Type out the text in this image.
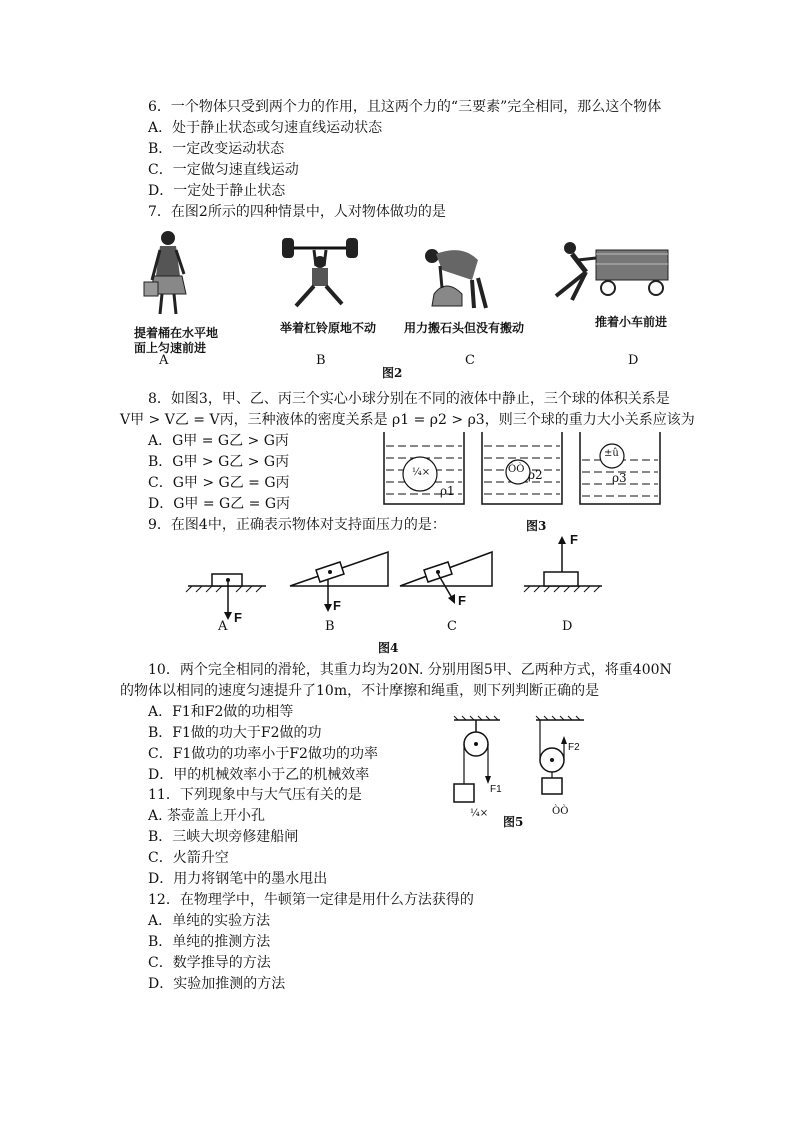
6．一个物体只受到两个力的作用，且这两个力的“三要素”完全相同，那么这个物体
A．处于静止状态或匀速直线运动状态
B．一定改变运动状态
C．一定做匀速直线运动
D．一定处于静止状态
7．在图2所示的四种情景中，人对物体做功的是
提着桶在水平地
面上匀速前进
举着杠铃原地不动 用力搬石头但没有搬动	推着小车前进
A	B	C	D
图2
8．如图3，甲、乙、丙三个实心小球分别在不同的液体中静止，三个球的体积关系是
V甲 > V乙 = V丙，三种液体的密度关系是 ρ1 = ρ2 > ρ3，则三个球的重力大小关系应该为
A．G甲 = G乙 > G丙
B．G甲 > G乙 > G丙
C．G甲 > G乙 = G丙
D．G甲 = G乙 = G丙
¼×	ÒÒ
±û
ρ1
ρ2	ρ3
图3
9．在图4中，正确表示物体对支持面压力的是：
F
F	F
F
A	B	C	D
图4
10．两个完全相同的滑轮，其重力均为20N. 分别用图5甲、乙两种方式，将重400N
的物体以相同的速度匀速提升了10m，不计摩擦和绳重，则下列判断正确的是
A．F1和F2做的功相等
B．F1做的功大于F2做的功
C．F1做功的功率小于F2做功的功率
D．甲的机械效率小于乙的机械效率
F1
F2
¼×	ÒÒ
图5
11．下列现象中与大气压有关的是
A. 茶壶盖上开小孔
B．三峡大坝旁修建船闸
C．火箭升空
D．用力将钢笔中的墨水甩出
12．在物理学中，牛顿第一定律是用什么方法获得的
A．单纯的实验方法
B．单纯的推测方法
C．数学推导的方法
D．实验加推测的方法
